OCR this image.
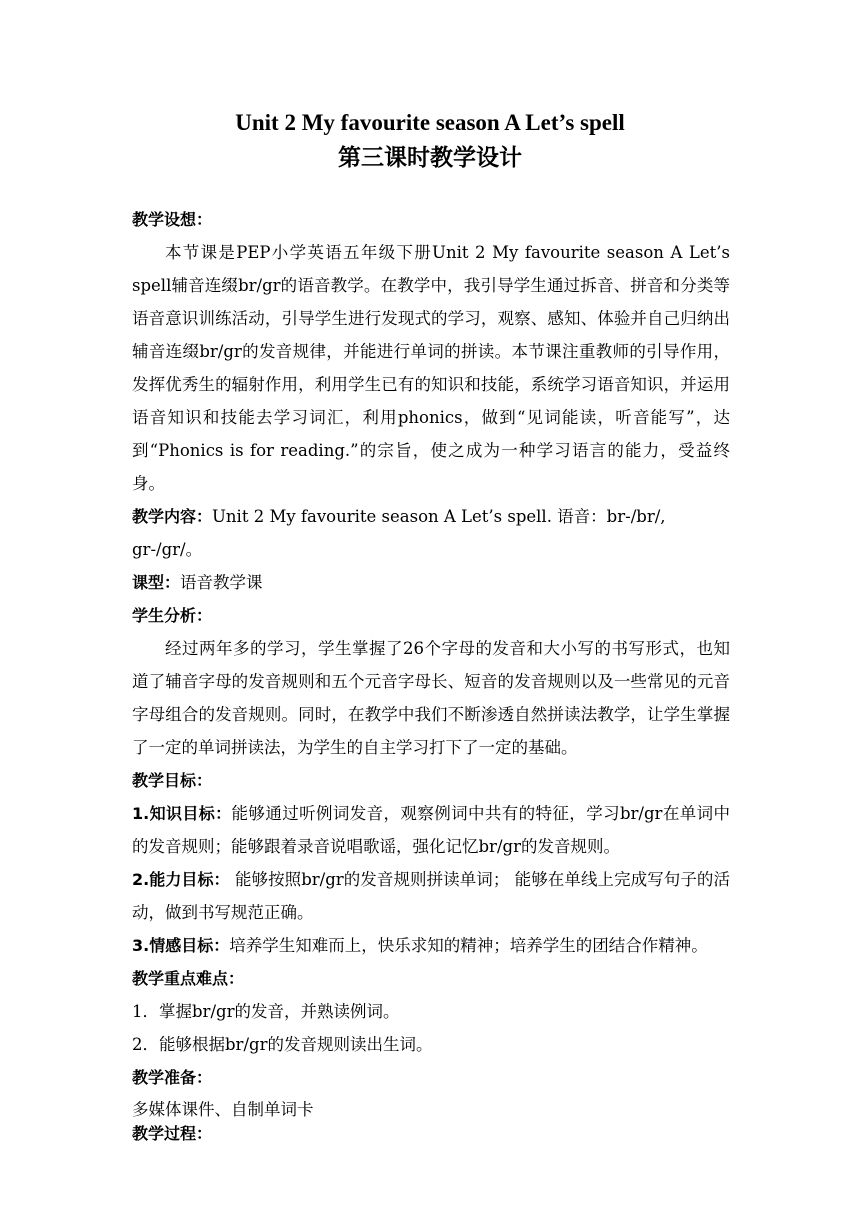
Unit 2 My favourite season A Let’s spell
第三课时教学设计
教学设想：

本节课是PEP小学英语五年级下册Unit 2 My favourite season A Let’s spell辅音连缀br/gr的语音教学。在教学中，我引导学生通过拆音、拼音和分类等语音意识训练活动，引导学生进行发现式的学习，观察、感知、体验并自己归纳出辅音连缀br/gr的发音规律，并能进行单词的拼读。本节课注重教师的引导作用，发挥优秀生的辐射作用，利用学生已有的知识和技能，系统学习语音知识，并运用语音知识和技能去学习词汇，利用phonics，做到“见词能读，听音能写”，达到“Phonics is for reading.”的宗旨，使之成为一种学习语言的能力，受益终身。

教学内容：Unit 2 My favourite season A Let’s spell. 语音：br-/br/, gr-/gr/。
课型：语音教学课
学生分析：

经过两年多的学习，学生掌握了26个字母的发音和大小写的书写形式，也知道了辅音字母的发音规则和五个元音字母长、短音的发音规则以及一些常见的元音字母组合的发音规则。同时，在教学中我们不断渗透自然拼读法教学，让学生掌握了一定的单词拼读法，为学生的自主学习打下了一定的基础。

教学目标：

1.知识目标：能够通过听例词发音，观察例词中共有的特征，学习br/gr在单词中的发音规则；能够跟着录音说唱歌谣，强化记忆br/gr的发音规则。

2.能力目标： 能够按照br/gr的发音规则拼读单词； 能够在单线上完成写句子的活动，做到书写规范正确。

3.情感目标：培养学生知难而上，快乐求知的精神；培养学生的团结合作精神。

教学重点难点：
1．掌握br/gr的发音，并熟读例词。
2．能够根据br/gr的发音规则读出生词。
教学准备：
多媒体课件、自制单词卡
教学过程：
